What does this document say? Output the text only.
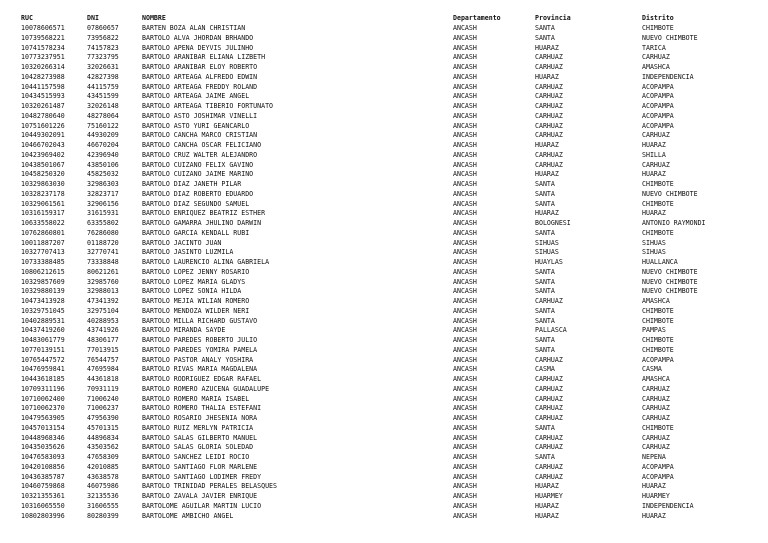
RUC	DNI	NOMBRE	Departamento	Provincia	Distrito
10078606571	07860657	BARTEN BOZA ALAN CHRISTIAN	ANCASH	SANTA	CHIMBOTE
10739568221	73956822	BARTOLO ALVA JHORDAN BRHANDO	ANCASH	SANTA	NUEVO CHIMBOTE
10741578234	74157823	BARTOLO APEÑA DEYVIS JULINHO	ANCASH	HUARAZ	TARICA
10773237951	77323795	BARTOLO ARANIBAR ELIANA LIZBETH	ANCASH	CARHUAZ	CARHUAZ
10320266314	32026631	BARTOLO ARANIBAR ELOY ROBERTO	ANCASH	CARHUAZ	AMASHCA
10428273988	42827398	BARTOLO ARTEAGA ALFREDO EDWIN	ANCASH	HUARAZ	INDEPENDENCIA
10441157598	44115759	BARTOLO ARTEAGA FREDDY ROLAND	ANCASH	CARHUAZ	ACOPAMPA
10434515993	43451599	BARTOLO ARTEAGA JAIME ANGEL	ANCASH	CARHUAZ	ACOPAMPA
10320261487	32026148	BARTOLO ARTEAGA TIBERIO FORTUNATO	ANCASH	CARHUAZ	ACOPAMPA
10482780640	48278064	BARTOLO ASTO JOSHIMAR VINELLI	ANCASH	CARHUAZ	ACOPAMPA
10751601226	75160122	BARTOLO ASTO YURI GEANCARLO	ANCASH	CARHUAZ	ACOPAMPA
10449302091	44930209	BARTOLO CANCHA MARCO CRISTIAN	ANCASH	CARHUAZ	CARHUAZ
10466702043	46670204	BARTOLO CANCHA OSCAR FELICIANO	ANCASH	HUARAZ	HUARAZ
10423969402	42396940	BARTOLO CRUZ WALTER ALEJANDRO	ANCASH	CARHUAZ	SHILLA
10438501067	43850106	BARTOLO CUIZANO FELIX GAVINO	ANCASH	CARHUAZ	CARHUAZ
10458250320	45825032	BARTOLO CUIZANO JAIME MARINO	ANCASH	HUARAZ	HUARAZ
10329863030	32986303	BARTOLO DIAZ JANETH PILAR	ANCASH	SANTA	CHIMBOTE
10328237178	32823717	BARTOLO DIAZ ROBERTO EDUARDO	ANCASH	SANTA	NUEVO CHIMBOTE
10329061561	32906156	BARTOLO DIAZ SEGUNDO SAMUEL	ANCASH	SANTA	CHIMBOTE
10316159317	31615931	BARTOLO ENRIQUEZ BEATRIZ ESTHER	ANCASH	HUARAZ	HUARAZ
10633558022	63355802	BARTOLO GAMARRA JHULIÑO DARWIN	ANCASH	BOLOGNESI	ANTONIO RAYMONDI
10762860801	76286080	BARTOLO GARCIA KENDALL RUBI	ANCASH	SANTA	CHIMBOTE
10011887207	01188720	BARTOLO JACINTO JUAN	ANCASH	SIHUAS	SIHUAS
10327707413	32770741	BARTOLO JASINTO LUZMILA	ANCASH	SIHUAS	SIHUAS
10733388485	73338848	BARTOLO LAURENCIO ALINA GABRIELA	ANCASH	HUAYLAS	HUALLANCA
10806212615	80621261	BARTOLO LOPEZ JENNY ROSARIO	ANCASH	SANTA	NUEVO CHIMBOTE
10329857609	32985760	BARTOLO LOPEZ MARIA GLADYS	ANCASH	SANTA	NUEVO CHIMBOTE
10329880139	32988013	BARTOLO LOPEZ SONIA HILDA	ANCASH	SANTA	NUEVO CHIMBOTE
10473413928	47341392	BARTOLO MEJIA WILIAN ROMERO	ANCASH	CARHUAZ	AMASHCA
10329751045	32975104	BARTOLO MENDOZA WILDER NERI	ANCASH	SANTA	CHIMBOTE
10402889531	40288953	BARTOLO MILLA RICHARD GUSTAVO	ANCASH	SANTA	CHIMBOTE
10437419260	43741926	BARTOLO MIRANDA SAYDE	ANCASH	PALLASCA	PAMPAS
10483061779	48306177	BARTOLO PAREDES ROBERTO JULIO	ANCASH	SANTA	CHIMBOTE
10770139151	77013915	BARTOLO PAREDES YOMIRA PAMELA	ANCASH	SANTA	CHIMBOTE
10765447572	76544757	BARTOLO PASTOR ANALY YOSHIRA	ANCASH	CARHUAZ	ACOPAMPA
10476959841	47695984	BARTOLO RIVAS MARIA MAGDALENA	ANCASH	CASMA	CASMA
10443618185	44361818	BARTOLO RODRIGUEZ EDGAR RAFAEL	ANCASH	CARHUAZ	AMASHCA
10709311196	70931119	BARTOLO ROMERO AZUCENA GUADALUPE	ANCASH	CARHUAZ	CARHUAZ
10710062400	71006240	BARTOLO ROMERO MARIA ISABEL	ANCASH	CARHUAZ	CARHUAZ
10710062370	71006237	BARTOLO ROMERO THALIA ESTEFANI	ANCASH	CARHUAZ	CARHUAZ
10479563905	47956390	BARTOLO ROSARIO JHESENIA NORA	ANCASH	CARHUAZ	CARHUAZ
10457013154	45701315	BARTOLO RUIZ MERLYN PATRICIA	ANCASH	SANTA	CHIMBOTE
10448968346	44896834	BARTOLO SALAS GILBERTO MANUEL	ANCASH	CARHUAZ	CARHUAZ
10435035626	43503562	BARTOLO SALAS GLORIA SOLEDAD	ANCASH	CARHUAZ	CARHUAZ
10476583093	47658309	BARTOLO SANCHEZ LEIDI ROCIO	ANCASH	SANTA	NEPEÑA
10420108856	42010885	BARTOLO SANTIAGO FLOR MARLENE	ANCASH	CARHUAZ	ACOPAMPA
10436385787	43638578	BARTOLO SANTIAGO LODIMER FREDY	ANCASH	CARHUAZ	ACOPAMPA
10460759868	46075986	BARTOLO TRINIDAD PERALES BELASQUES	ANCASH	HUARAZ	HUARAZ
10321355361	32135536	BARTOLO ZAVALA JAVIER ENRIQUE	ANCASH	HUARMEY	HUARMEY
10316065550	31606555	BARTOLOME AGUILAR MARTIN LUCIO	ANCASH	HUARAZ	INDEPENDENCIA
10802803996	80280399	BARTOLOME AMBICHO ANGEL	ANCASH	HUARAZ	HUARAZ
